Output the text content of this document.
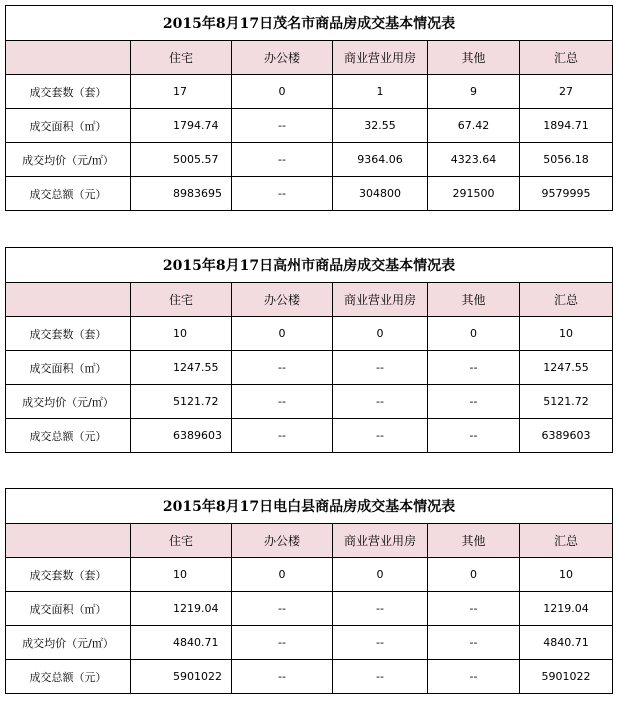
2015年8月17日茂名市商品房成交基本情况表					
	住宅	办公楼	商业营业用房	其他	汇总
成交套数（套）	17	0	1	9	27
成交面积（㎡）	1794.74	--	32.55	67.42	1894.71
成交均价（元/㎡）	5005.57	--	9364.06	4323.64	5056.18
成交总额（元）	8983695	--	304800	291500	9579995
2015年8月17日高州市商品房成交基本情况表					
	住宅	办公楼	商业营业用房	其他	汇总
成交套数（套）	10	0	0	0	10
成交面积（㎡）	1247.55	--	--	--	1247.55
成交均价（元/㎡）	5121.72	--	--	--	5121.72
成交总额（元）	6389603	--	--	--	6389603
2015年8月17日电白县商品房成交基本情况表					
	住宅	办公楼	商业营业用房	其他	汇总
成交套数（套）	10	0	0	0	10
成交面积（㎡）	1219.04	--	--	--	1219.04
成交均价（元/㎡）	4840.71	--	--	--	4840.71
成交总额（元）	5901022	--	--	--	5901022
